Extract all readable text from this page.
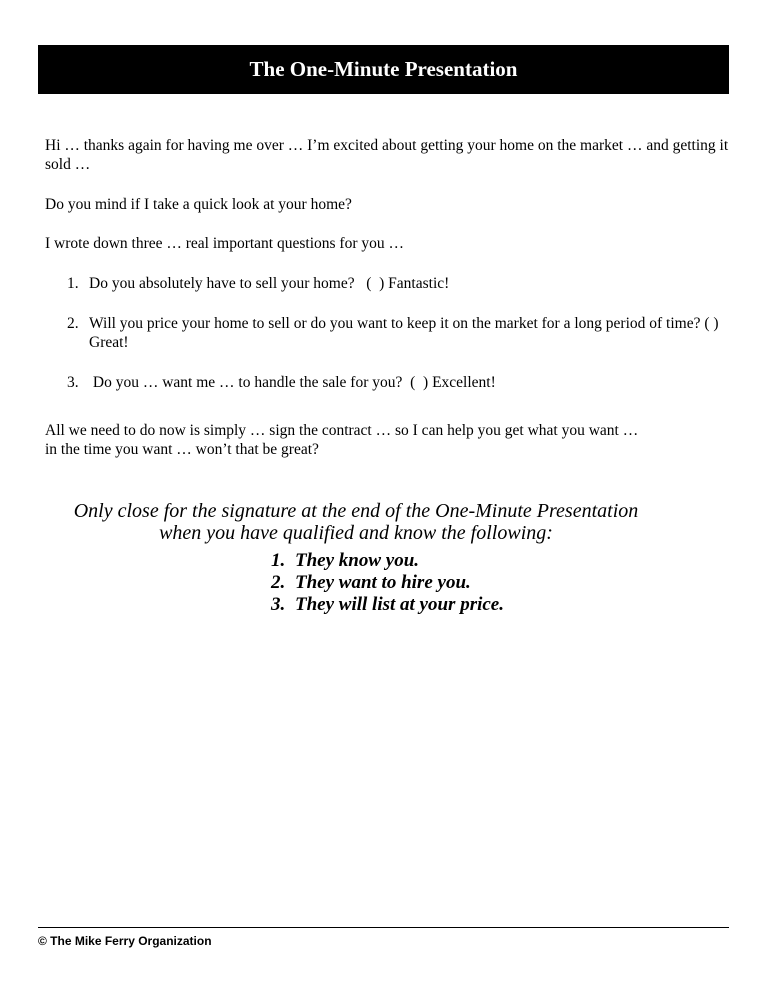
The One-Minute Presentation

Hi … thanks again for having me over … I’m excited about getting your home on the market … and getting it sold …

Do you mind if I take a quick look at your home?

I wrote down three … real important questions for you …

1. Do you absolutely have to sell your home?   (  ) Fantastic!
2. Will you price your home to sell or do you want to keep it on the market for a long period of time? ( ) Great!
3. Do you … want me … to handle the sale for you?  (  ) Excellent!

All we need to do now is simply … sign the contract … so I can help you get what you want … in the time you want … won’t that be great?

Only close for the signature at the end of the One-Minute Presentation
when you have qualified and know the following:
1. They know you.
2. They want to hire you.
3. They will list at your price.
© The Mike Ferry Organization
